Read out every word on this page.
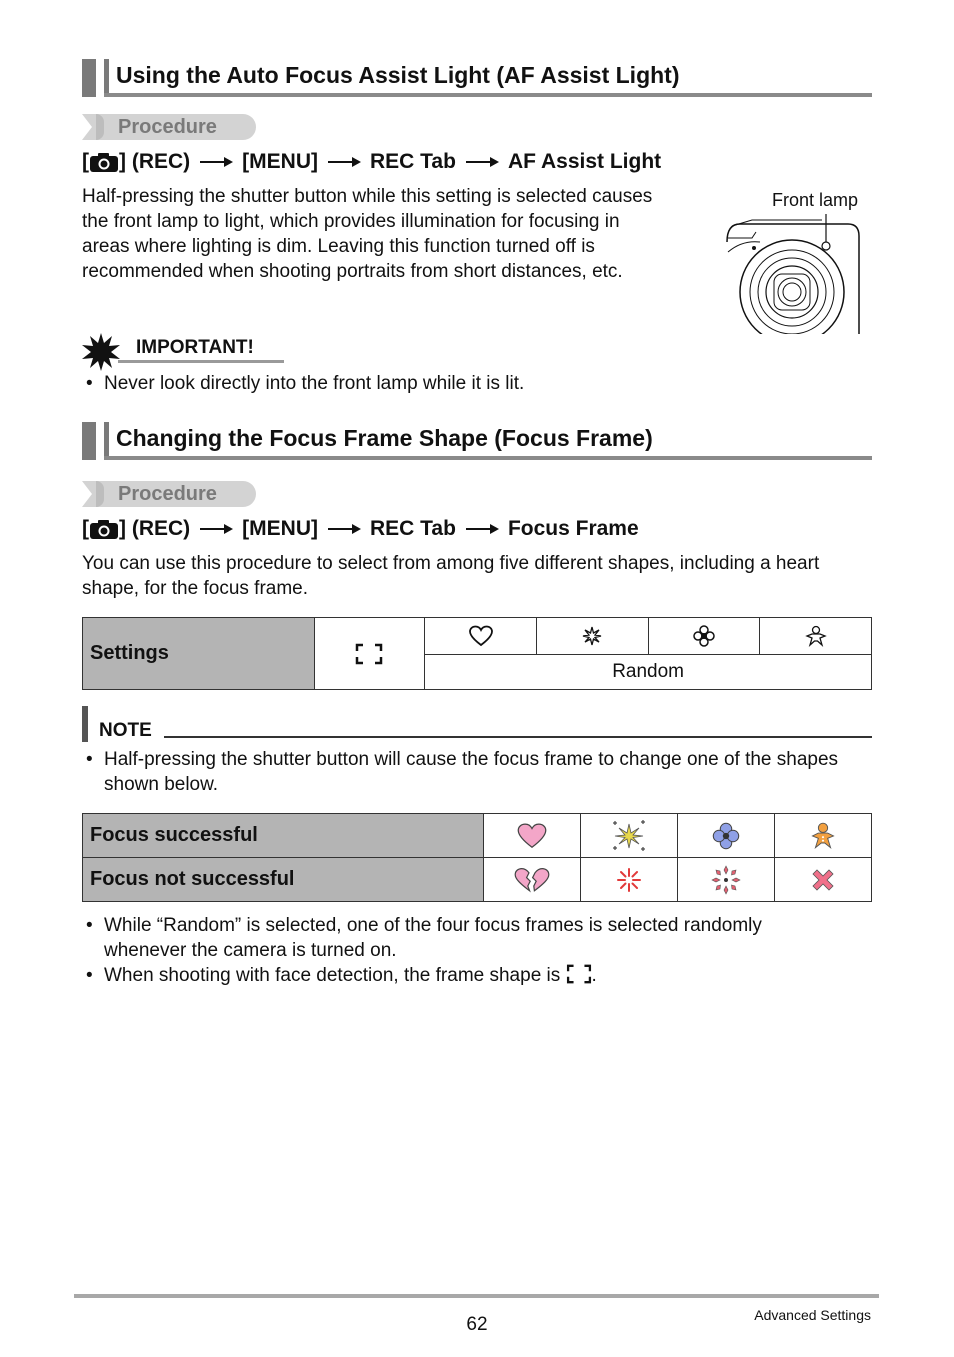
Using the Auto Focus Assist Light (AF Assist Light)
Procedure
[ ] (REC) [MENU] REC Tab AF Assist Light
Half-pressing the shutter button while this setting is selected causes the front lamp to light, which provides illumination for focusing in areas where lighting is dim. Leaving this function turned off is recommended when shooting portraits from short distances, etc.
Front lamp
IMPORTANT!
• Never look directly into the front lamp while it is lit.
Changing the Focus Frame Shape (Focus Frame)
Procedure
[ ] (REC) [MENU] REC Tab Focus Frame
You can use this procedure to select from among five different shapes, including a heart shape, for the focus frame.
Settings	

Random
NOTE
• Half-pressing the shutter button will cause the focus frame to change one of the shapes shown below.
Focus successful	

Focus not successful	

• While “Random” is selected, one of the four focus frames is selected randomly whenever the camera is turned on.
• When shooting with face detection, the frame shape is .
62	Advanced Settings
